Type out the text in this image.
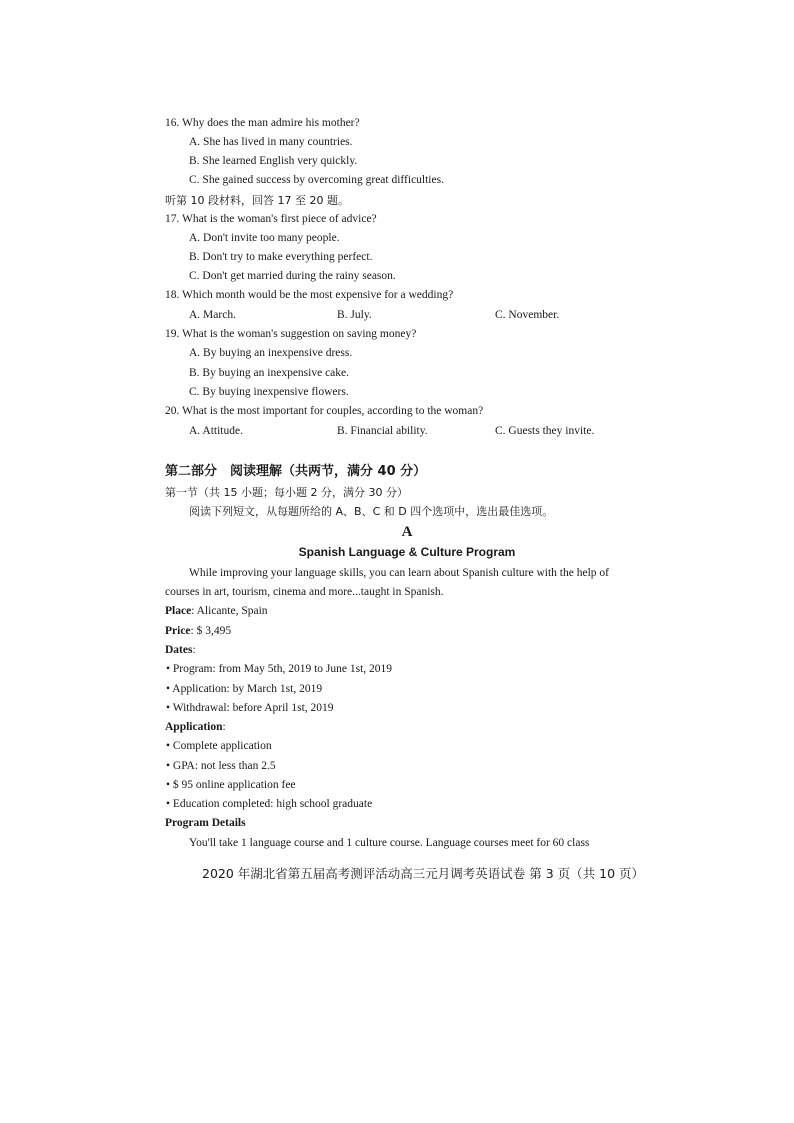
16. Why does the man admire his mother?
A. She has lived in many countries.
B. She learned English very quickly.
C. She gained success by overcoming great difficulties.
听第 10 段材料，回答 17 至 20 题。
17. What is the woman's first piece of advice?
A. Don't invite too many people.
B. Don't try to make everything perfect.
C. Don't get married during the rainy season.
18. Which month would be the most expensive for a wedding?
A. March.	B. July.	C. November.
19. What is the woman's suggestion on saving money?
A. By buying an inexpensive dress.
B. By buying an inexpensive cake.
C. By buying inexpensive flowers.
20. What is the most important for couples, according to the woman?
A. Attitude.	B. Financial ability.	C. Guests they invite.
第二部分　阅读理解（共两节，满分 40 分）
第一节（共 15 小题；每小题 2 分，满分 30 分）
阅读下列短文，从每题所给的 A、B、C 和 D 四个选项中，选出最佳选项。
A
Spanish Language & Culture Program
While improving your language skills, you can learn about Spanish culture with the help of
courses in art, tourism, cinema and more...taught in Spanish.
Place: Alicante, Spain
Price: $ 3,495
Dates:
• Program: from May 5th, 2019 to June 1st, 2019
• Application: by March 1st, 2019
• Withdrawal: before April 1st, 2019
Application:
• Complete application
• GPA: not less than 2.5
• $ 95 online application fee
• Education completed: high school graduate
Program Details
You'll take 1 language course and 1 culture course. Language courses meet for 60 class
2020 年湖北省第五届高考测评活动高三元月调考英语试卷 第 3 页（共 10 页）
